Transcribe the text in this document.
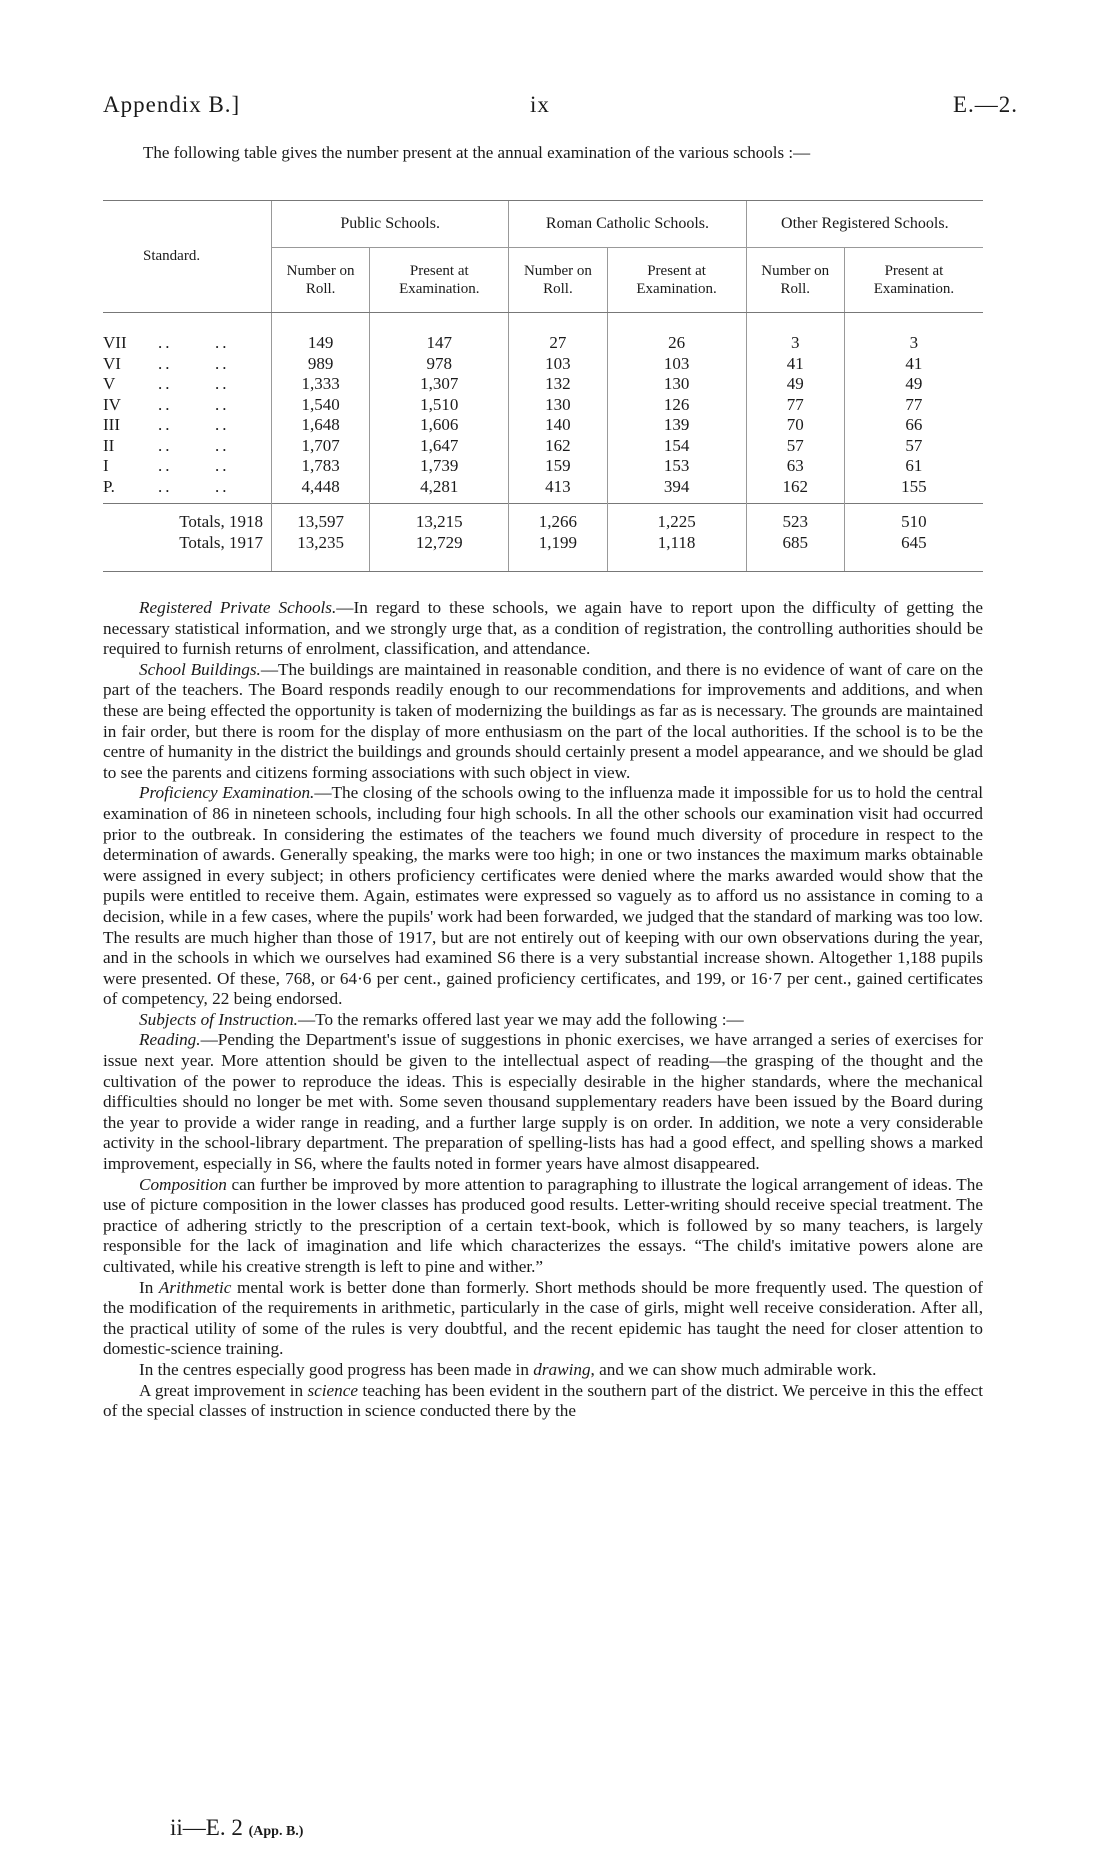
Appendix B.]	ix	E.—2.

The following table gives the number present at the annual examination of the various schools :—

Standard.	Public Schools.		Roman Catholic Schools.		Other Registered Schools.	
	Number on Roll.	Present at Examination.	Number on Roll.	Present at Examination.	Number on Roll.	Present at Examination.
VII .. ..	149	147	27	26	3	3
VI .. ..	989	978	103	103	41	41
V .. ..	1,333	1,307	132	130	49	49
IV .. ..	1,540	1,510	130	126	77	77
III .. ..	1,648	1,606	140	139	70	66
II .. ..	1,707	1,647	162	154	57	57
I .. ..	1,783	1,739	159	153	63	61
P. .. ..	4,448	4,281	413	394	162	155
Totals, 1918	13,597	13,215	1,266	1,225	523	510
Totals, 1917	13,235	12,729	1,199	1,118	685	645

Registered Private Schools.—In regard to these schools, we again have to report upon the difficulty of getting the necessary statistical information, and we strongly urge that, as a condition of registration, the controlling authorities should be required to furnish returns of enrolment, classification, and attendance.

School Buildings.—The buildings are maintained in reasonable condition, and there is no evidence of want of care on the part of the teachers. The Board responds readily enough to our recommendations for improvements and additions, and when these are being effected the opportunity is taken of modernizing the buildings as far as is necessary. The grounds are maintained in fair order, but there is room for the display of more enthusiasm on the part of the local authorities. If the school is to be the centre of humanity in the district the buildings and grounds should certainly present a model appearance, and we should be glad to see the parents and citizens forming associations with such object in view.

Proficiency Examination.—The closing of the schools owing to the influenza made it impossible for us to hold the central examination of 86 in nineteen schools, including four high schools. In all the other schools our examination visit had occurred prior to the outbreak. In considering the estimates of the teachers we found much diversity of procedure in respect to the determination of awards. Generally speaking, the marks were too high; in one or two instances the maximum marks obtainable were assigned in every subject; in others proficiency certificates were denied where the marks awarded would show that the pupils were entitled to receive them. Again, estimates were expressed so vaguely as to afford us no assistance in coming to a decision, while in a few cases, where the pupils' work had been forwarded, we judged that the standard of marking was too low. The results are much higher than those of 1917, but are not entirely out of keeping with our own observations during the year, and in the schools in which we ourselves had examined S6 there is a very substantial increase shown. Altogether 1,188 pupils were presented. Of these, 768, or 64·6 per cent., gained proficiency certificates, and 199, or 16·7 per cent., gained certificates of competency, 22 being endorsed.

Subjects of Instruction.—To the remarks offered last year we may add the following :—

Reading.—Pending the Department's issue of suggestions in phonic exercises, we have arranged a series of exercises for issue next year. More attention should be given to the intellectual aspect of reading—the grasping of the thought and the cultivation of the power to reproduce the ideas. This is especially desirable in the higher standards, where the mechanical difficulties should no longer be met with. Some seven thousand supplementary readers have been issued by the Board during the year to provide a wider range in reading, and a further large supply is on order. In addition, we note a very considerable activity in the school-library department. The preparation of spelling-lists has had a good effect, and spelling shows a marked improvement, especially in S6, where the faults noted in former years have almost disappeared.

Composition can further be improved by more attention to paragraphing to illustrate the logical arrangement of ideas. The use of picture composition in the lower classes has produced good results. Letter-writing should receive special treatment. The practice of adhering strictly to the prescription of a certain text-book, which is followed by so many teachers, is largely responsible for the lack of imagination and life which characterizes the essays. “The child's imitative powers alone are cultivated, while his creative strength is left to pine and wither.”

In Arithmetic mental work is better done than formerly. Short methods should be more frequently used. The question of the modification of the requirements in arithmetic, particularly in the case of girls, might well receive consideration. After all, the practical utility of some of the rules is very doubtful, and the recent epidemic has taught the need for closer attention to domestic-science training.

In the centres especially good progress has been made in drawing, and we can show much admirable work.

A great improvement in science teaching has been evident in the southern part of the district. We perceive in this the effect of the special classes of instruction in science conducted there by the

ii—E. 2 (App. B.)
